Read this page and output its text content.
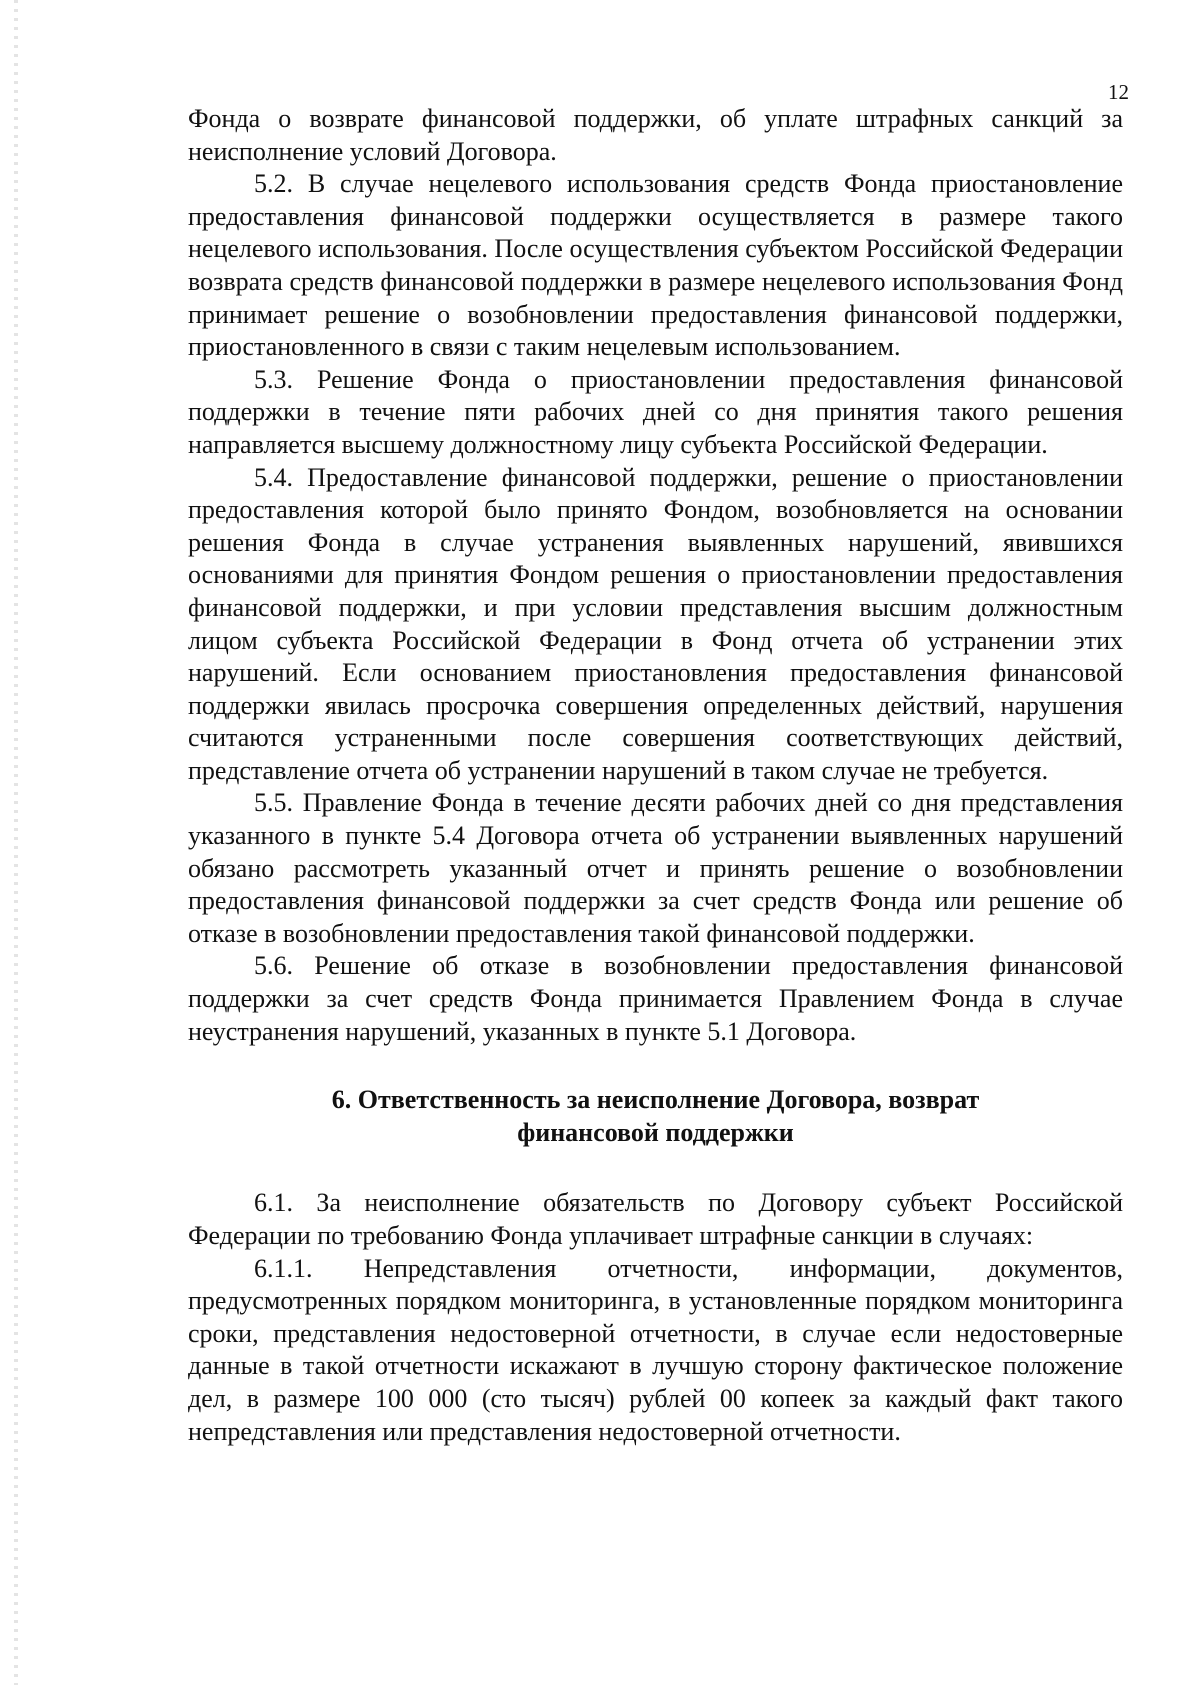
12

Фонда о возврате финансовой поддержки, об уплате штрафных санкций за неисполнение условий Договора.

5.2. В случае нецелевого использования средств Фонда приостановление предоставления финансовой поддержки осуществляется в размере такого нецелевого использования. После осуществления субъектом Российской Федерации возврата средств финансовой поддержки в размере нецелевого использования Фонд принимает решение о возобновлении предоставления финансовой поддержки, приостановленного в связи с таким нецелевым использованием.

5.3. Решение Фонда о приостановлении предоставления финансовой поддержки в течение пяти рабочих дней со дня принятия такого решения направляется высшему должностному лицу субъекта Российской Федерации.

5.4. Предоставление финансовой поддержки, решение о приостановлении предоставления которой было принято Фондом, возобновляется на основании решения Фонда в случае устранения выявленных нарушений, явившихся основаниями для принятия Фондом решения о приостановлении предоставления финансовой поддержки, и при условии представления высшим должностным лицом субъекта Российской Федерации в Фонд отчета об устранении этих нарушений. Если основанием приостановления предоставления финансовой поддержки явилась просрочка совершения определенных действий, нарушения считаются устраненными после совершения соответствующих действий, представление отчета об устранении нарушений в таком случае не требуется.

5.5. Правление Фонда в течение десяти рабочих дней со дня представления указанного в пункте 5.4 Договора отчета об устранении выявленных нарушений обязано рассмотреть указанный отчет и принять решение о возобновлении предоставления финансовой поддержки за счет средств Фонда или решение об отказе в возобновлении предоставления такой финансовой поддержки.

5.6. Решение об отказе в возобновлении предоставления финансовой поддержки за счет средств Фонда принимается Правлением Фонда в случае неустранения нарушений, указанных в пункте 5.1 Договора.

6. Ответственность за неисполнение Договора, возврат
финансовой поддержки

6.1. За неисполнение обязательств по Договору субъект Российской Федерации по требованию Фонда уплачивает штрафные санкции в случаях:

6.1.1. Непредставления отчетности, информации, документов, предусмотренных порядком мониторинга, в установленные порядком мониторинга сроки, представления недостоверной отчетности, в случае если недостоверные данные в такой отчетности искажают в лучшую сторону фактическое положение дел, в размере 100 000 (сто тысяч) рублей 00 копеек за каждый факт такого непредставления или представления недостоверной отчетности.
